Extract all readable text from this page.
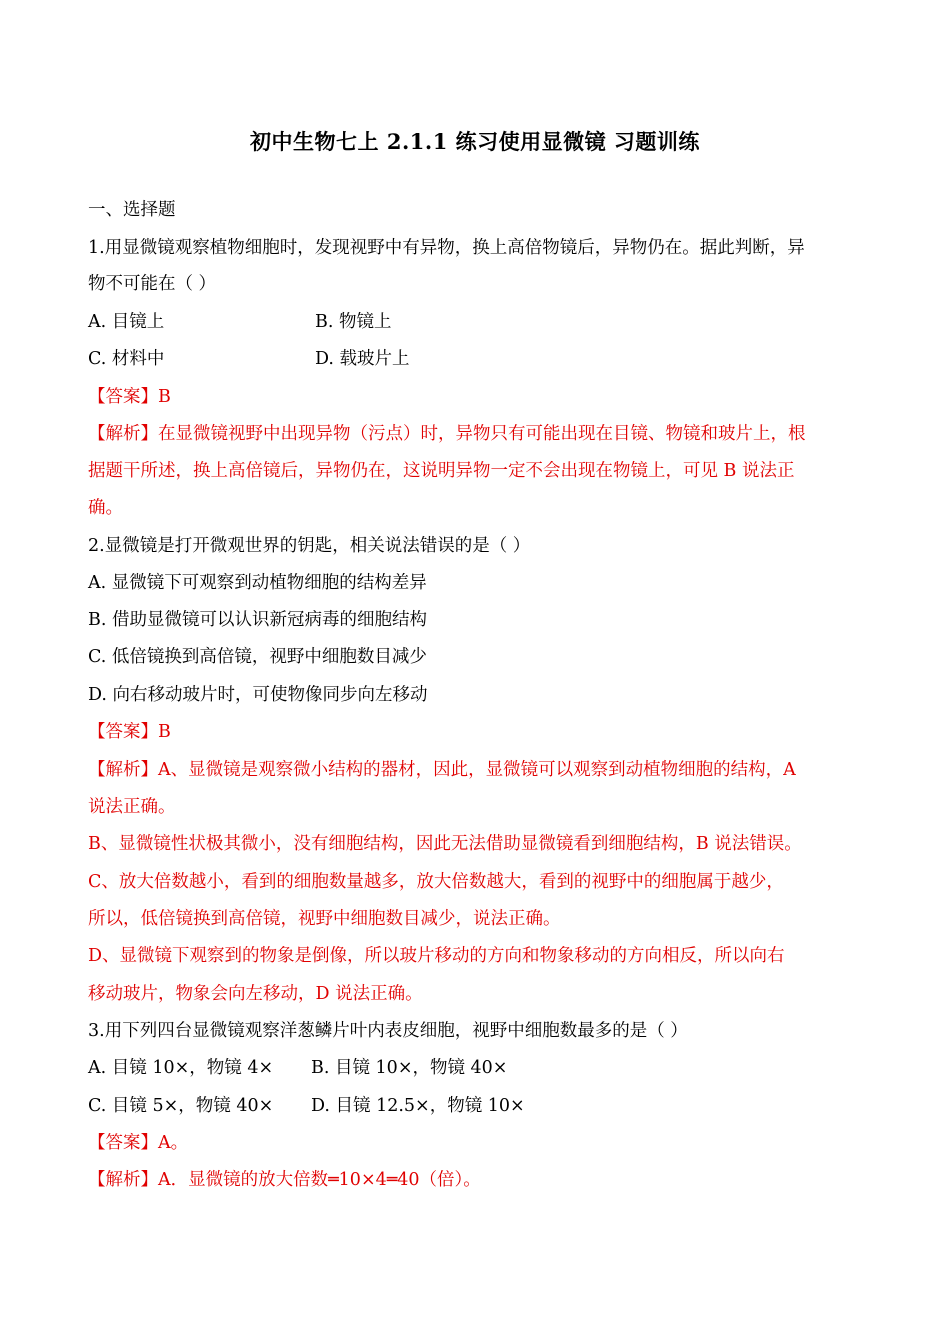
初中生物七上 2.1.1 练习使用显微镜 习题训练
一、选择题
1.用显微镜观察植物细胞时，发现视野中有异物，换上高倍物镜后，异物仍在。据此判断，异
物不可能在（ ）
A. 目镜上	B. 物镜上
C. 材料中	D. 载玻片上
【答案】B
【解析】在显微镜视野中出现异物（污点）时，异物只有可能出现在目镜、物镜和玻片上，根
据题干所述，换上高倍镜后，异物仍在，这说明异物一定不会出现在物镜上，可见 B 说法正
确。
2.显微镜是打开微观世界的钥匙，相关说法错误的是（ ）
A. 显微镜下可观察到动植物细胞的结构差异
B. 借助显微镜可以认识新冠病毒的细胞结构
C. 低倍镜换到高倍镜，视野中细胞数目减少
D. 向右移动玻片时，可使物像同步向左移动
【答案】B
【解析】A、显微镜是观察微小结构的器材，因此，显微镜可以观察到动植物细胞的结构，A
说法正确。
B、显微镜性状极其微小，没有细胞结构，因此无法借助显微镜看到细胞结构，B 说法错误。
C、放大倍数越小，看到的细胞数量越多，放大倍数越大，看到的视野中的细胞属于越少，
所以，低倍镜换到高倍镜，视野中细胞数目减少，说法正确。
D、显微镜下观察到的物象是倒像，所以玻片移动的方向和物象移动的方向相反，所以向右
移动玻片，物象会向左移动，D 说法正确。
3.用下列四台显微镜观察洋葱鳞片叶内表皮细胞，视野中细胞数最多的是（ ）
A. 目镜 10×，物镜 4× B. 目镜 10×，物镜 40×
C. 目镜 5×，物镜 40× D. 目镜 12.5×，物镜 10×
【答案】A。
【解析】A．显微镜的放大倍数═10×4═40（倍）。
